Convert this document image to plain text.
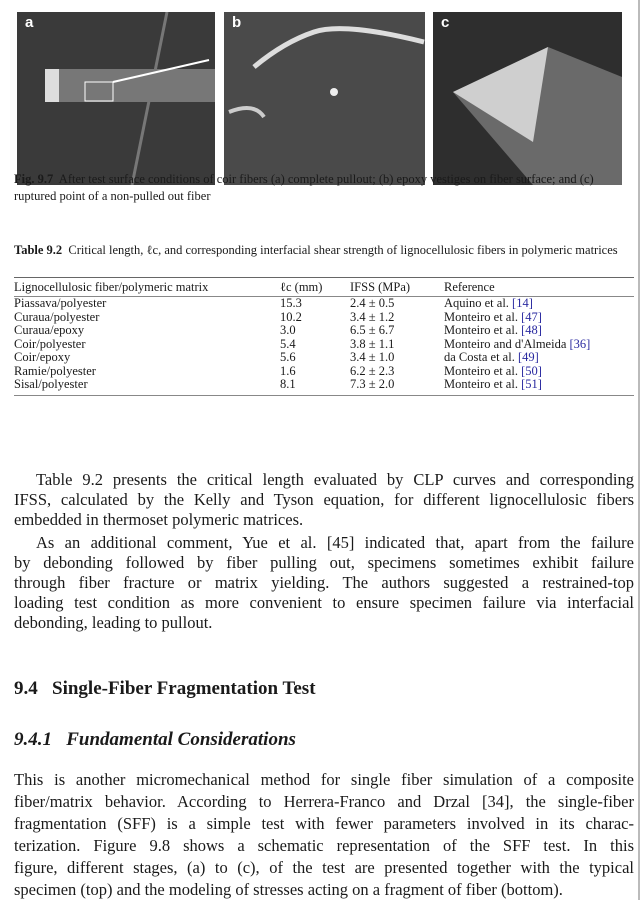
a	b	c
Fig. 9.7 After test surface conditions of coir fibers (a) complete pullout; (b) epoxy vestiges on fiber surface; and (c) ruptured point of a non-pulled out fiber
Table 9.2 Critical length, ℓc, and corresponding interfacial shear strength of lignocellulosic fibers in polymeric matrices
Lignocellulosic fiber/polymeric matrix	ℓc (mm)	IFSS (MPa)	Reference
Piassava/polyester	15.3	2.4 ± 0.5	Aquino et al. [14]
Curaua/polyester	10.2	3.4 ± 1.2	Monteiro et al. [47]
Curaua/epoxy	3.0	6.5 ± 6.7	Monteiro et al. [48]
Coir/polyester	5.4	3.8 ± 1.1	Monteiro and d'Almeida [36]
Coir/epoxy	5.6	3.4 ± 1.0	da Costa et al. [49]
Ramie/polyester	1.6	6.2 ± 2.3	Monteiro et al. [50]
Sisal/polyester	8.1	7.3 ± 2.0	Monteiro et al. [51]
Table 9.2 presents the critical length evaluated by CLP curves and corresponding
IFSS, calculated by the Kelly and Tyson equation, for different lignocellulosic fibers
embedded in thermoset polymeric matrices.
As an additional comment, Yue et al. [45] indicated that, apart from the failure
by debonding followed by fiber pulling out, specimens sometimes exhibit failure
through fiber fracture or matrix yielding. The authors suggested a restrained-top
loading test condition as more convenient to ensure specimen failure via interfacial
debonding, leading to pullout.
9.4 Single-Fiber Fragmentation Test
9.4.1 Fundamental Considerations
This is another micromechanical method for single fiber simulation of a composite
fiber/matrix behavior. According to Herrera-Franco and Drzal [34], the single-fiber
fragmentation (SFF) is a simple test with fewer parameters involved in its charac-
terization. Figure 9.8 shows a schematic representation of the SFF test. In this
figure, different stages, (a) to (c), of the test are presented together with the typical
specimen (top) and the modeling of stresses acting on a fragment of fiber (bottom).
